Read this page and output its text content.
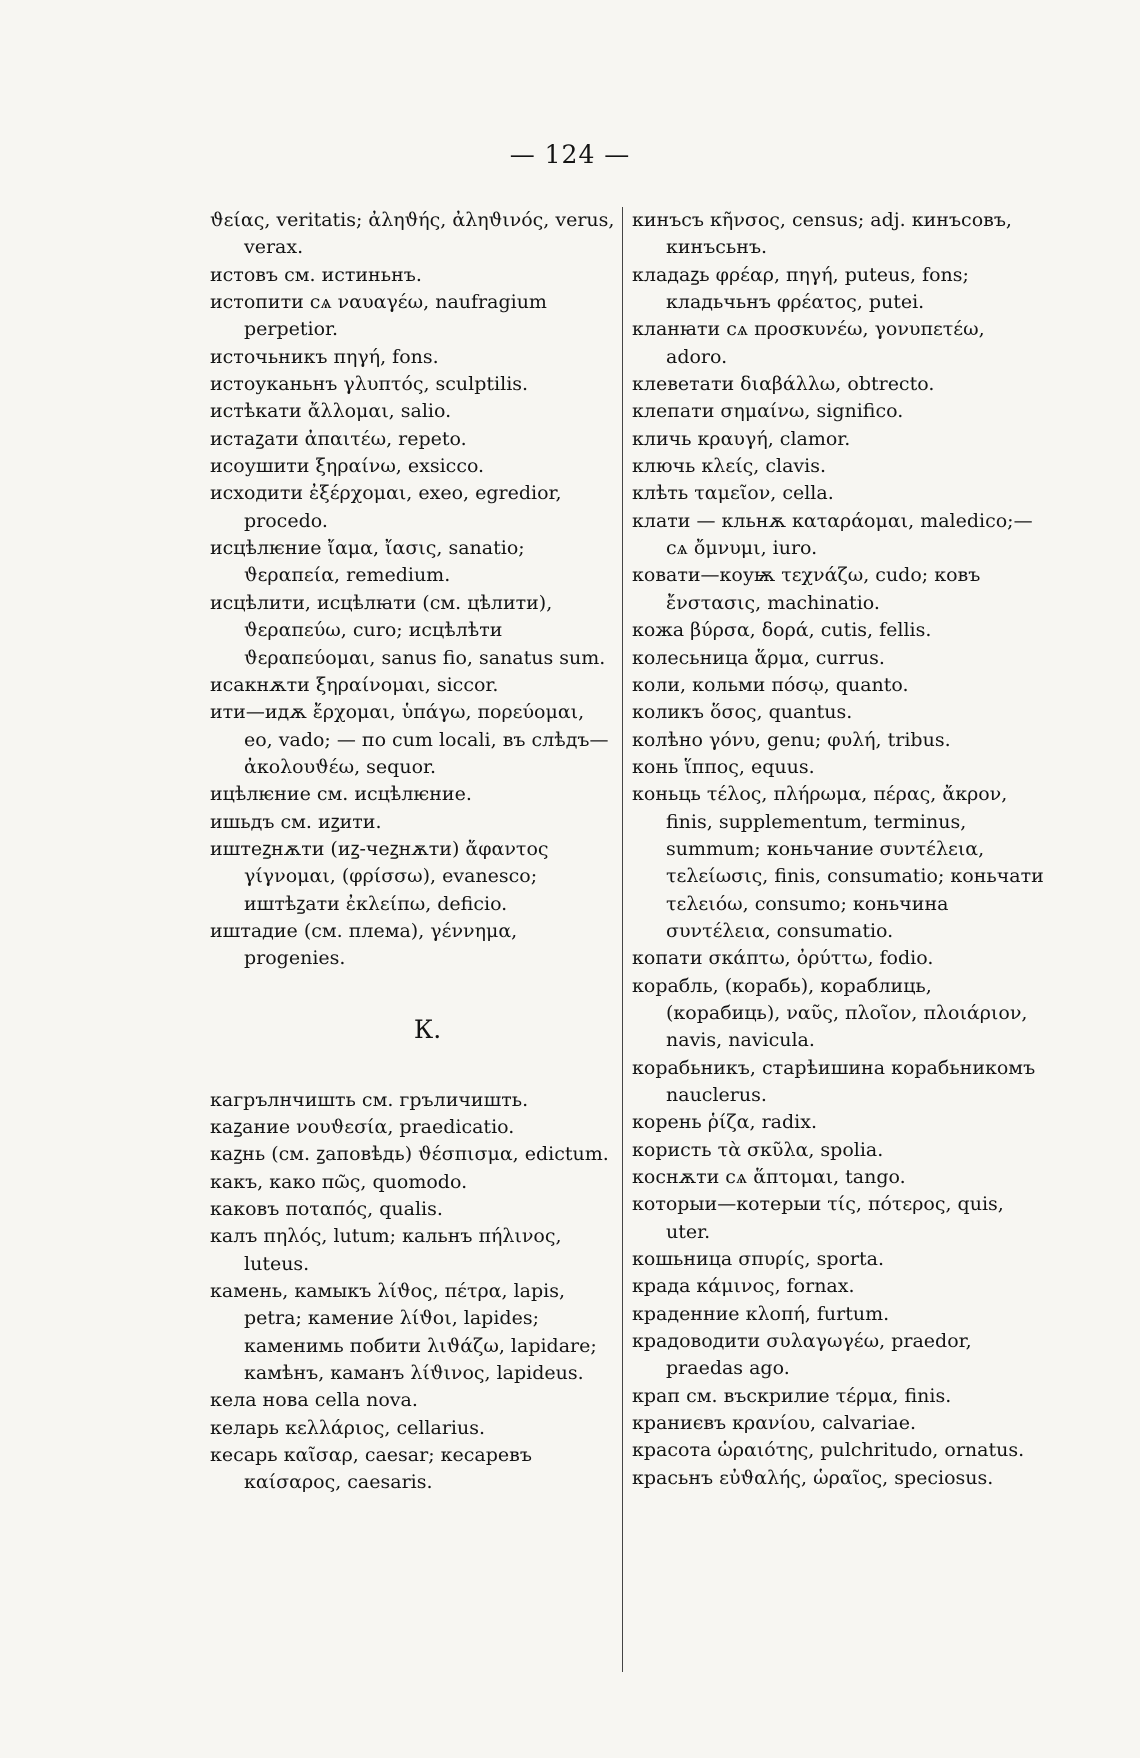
— 124 —

ϑείας, veritatis; ἀληϑής, ἀληϑινός, verus, verax.

истовъ см. истиньнъ.

истопити сѧ ναυαγέω, naufragium perpetior.

источьникъ πηγή, fons.

истоуканьнъ γλυπτός, sculptilis.

истѣкати ἄλλομαι, salio.

истаꙁати ἀπαιτέω, repeto.

исоушити ξηραίνω, exsicco.

исходити ἐξέρχομαι, exeo, egredior, procedo.

исцѣлѥние ἴαμα, ἴασις, sanatio; ϑεραπεία, remedium.

исцѣлити, исцѣлꙗти (см. цѣлити), ϑεραπεύω, curo; исцѣлѣти ϑεραπεύομαι, sanus fio, sanatus sum.

исакнѫти ξηραίνομαι, siccor.

ити—идѫ ἔρχομαι, ὑπάγω, πορεύομαι, eo, vado; — по cum locali, въ слѣдъ—ἀκολουϑέω, sequor.

ицѣлѥние см. исцѣлѥние.

ишьдъ см. иꙁити.

иштеꙁнѫти (иꙁ-чеꙁнѫти) ἄφαντος γίγνομαι, (φρίσσω), evanesco; иштѣꙁати ἐκλείπω, deficio.

иштадие (см. плема), γέννημα, progenies.

К.

кагрълнчишть см. гръличишть.

каꙁание νουϑεσία, praedicatio.

каꙁнь (см. ꙁаповѣдь) ϑέσπισμα, edictum.

какъ, како πῶς, quomodo.

каковъ ποταπός, qualis.

калъ πηλός, lutum; кальнъ πήλινος, luteus.

камень, камыкъ λίϑος, πέτρα, lapis, petra; камение λίϑοι, lapides; каменимь побити λιϑάζω, lapidare; камѣнъ, каманъ λίϑινος, lapideus.

кела нова cella nova.

келарь κελλάριος, cellarius.

кесарь καῖσαρ, caesar; кесаревъ καίσαρος, caesaris.

кинъсъ κῆνσος, census; adj. кинъсовъ, кинъсьнъ.

кладаꙁь φρέαρ, πηγή, puteus, fons; кладьчьнъ φρέατος, putei.

кланꙗти сѧ προσκυνέω, γονυπετέω, adoro.

клеветати διαβάλλω, obtrecto.

клепати σημαίνω, significo.

кличь κραυγή, clamor.

ключь κλείς, clavis.

клѣть ταμεῖον, cella.

клати — кльнѫ καταράομαι, maledico;—сѧ ὄμνυμι, iuro.

ковати—коуѭ τεχνάζω, cudo; ковъ ἔνστασις, machinatio.

кожа βύρσα, δορά, cutis, fellis.

колесьница ἅρμα, currus.

коли, кольми πόσῳ, quanto.

коликъ ὅσος, quantus.

колѣно γόνυ, genu; φυλή, tribus.

конь ἵππος, equus.

коньць τέλος, πλήρωμα, πέρας, ἄκρον, finis, supplementum, terminus, summum; коньчание συντέλεια, τελείωσις, finis, consumatio; коньчати τελειόω, consumo; коньчина συντέλεια, consumatio.

копати σκάπτω, ὀρύττω, fodio.

корабль, (корабь), кораблиць, (корабиць), ναῦς, πλοῖον, πλοιάριον, navis, navicula.

корабьникъ, старѣишина корабьникомъ nauclerus.

корень ῥίζα, radix.

користь τὰ σκῦλα, spolia.

коснѫти сѧ ἅπτομαι, tango.

которыи—котерыи τίς, πότερος, quis, uter.

кошьница σπυρίς, sporta.

крада κάμινος, fornax.

краденние κλοπή, furtum.

крадоводити συλαγωγέω, praedor, praedas ago.

крап см. въскрилие τέρμα, finis.

краниєвъ κρανίου, calvariae.

красота ὡραιότης, pulchritudo, ornatus.

красьнъ εὐϑαλής, ὡραῖος, speciosus.
